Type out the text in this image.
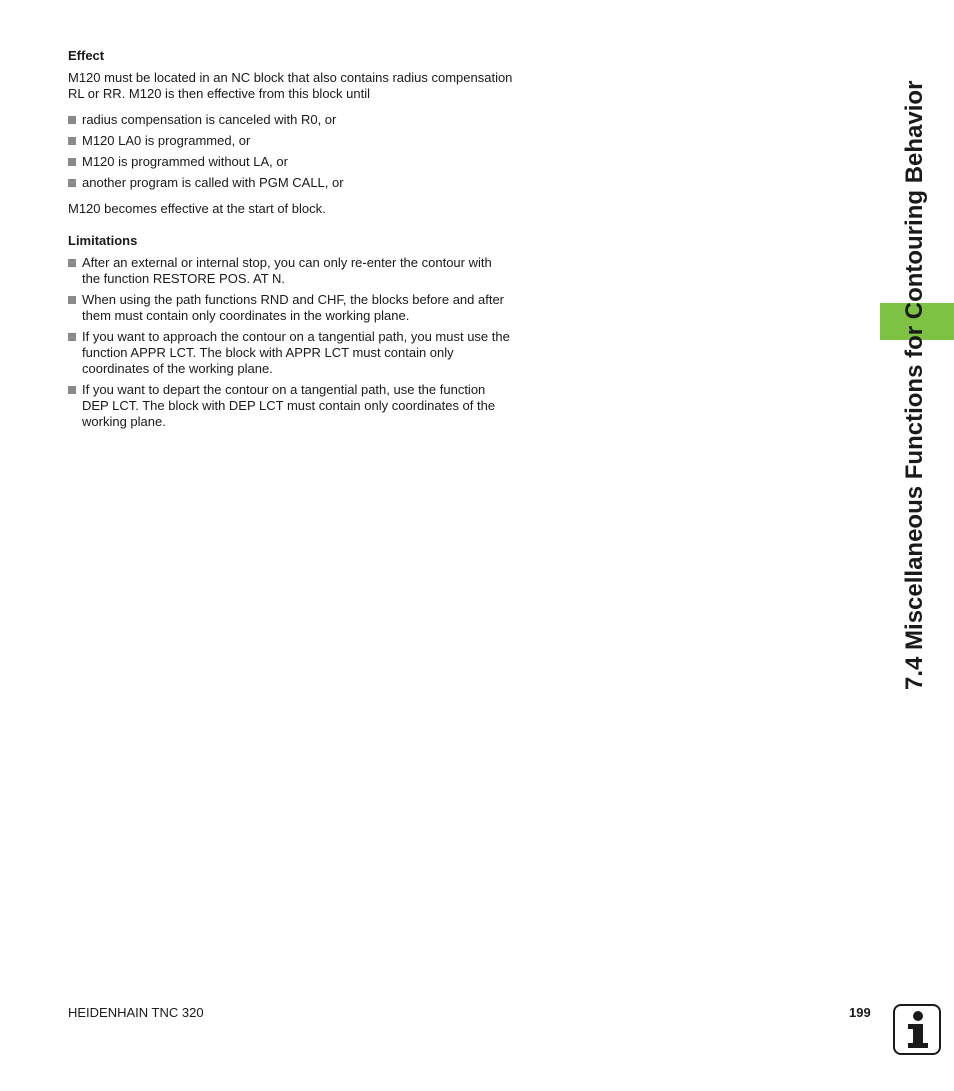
Effect

M120 must be located in an NC block that also contains radius compensation RL or RR. M120 is then effective from this block until

radius compensation is canceled with R0, or
M120 LA0 is programmed, or
M120 is programmed without LA, or
another program is called with PGM CALL, or

M120 becomes effective at the start of block.

Limitations
After an external or internal stop, you can only re-enter the contour with the function RESTORE POS. AT N.
When using the path functions RND and CHF, the blocks before and after them must contain only coordinates in the working plane.
If you want to approach the contour on a tangential path, you must use the function APPR LCT. The block with APPR LCT must contain only coordinates of the working plane.
If you want to depart the contour on a tangential path, use the function DEP LCT. The block with DEP LCT must contain only coordinates of the working plane.	7.4 Miscellaneous Functions for Contouring Behavior
HEIDENHAIN TNC 320	199
